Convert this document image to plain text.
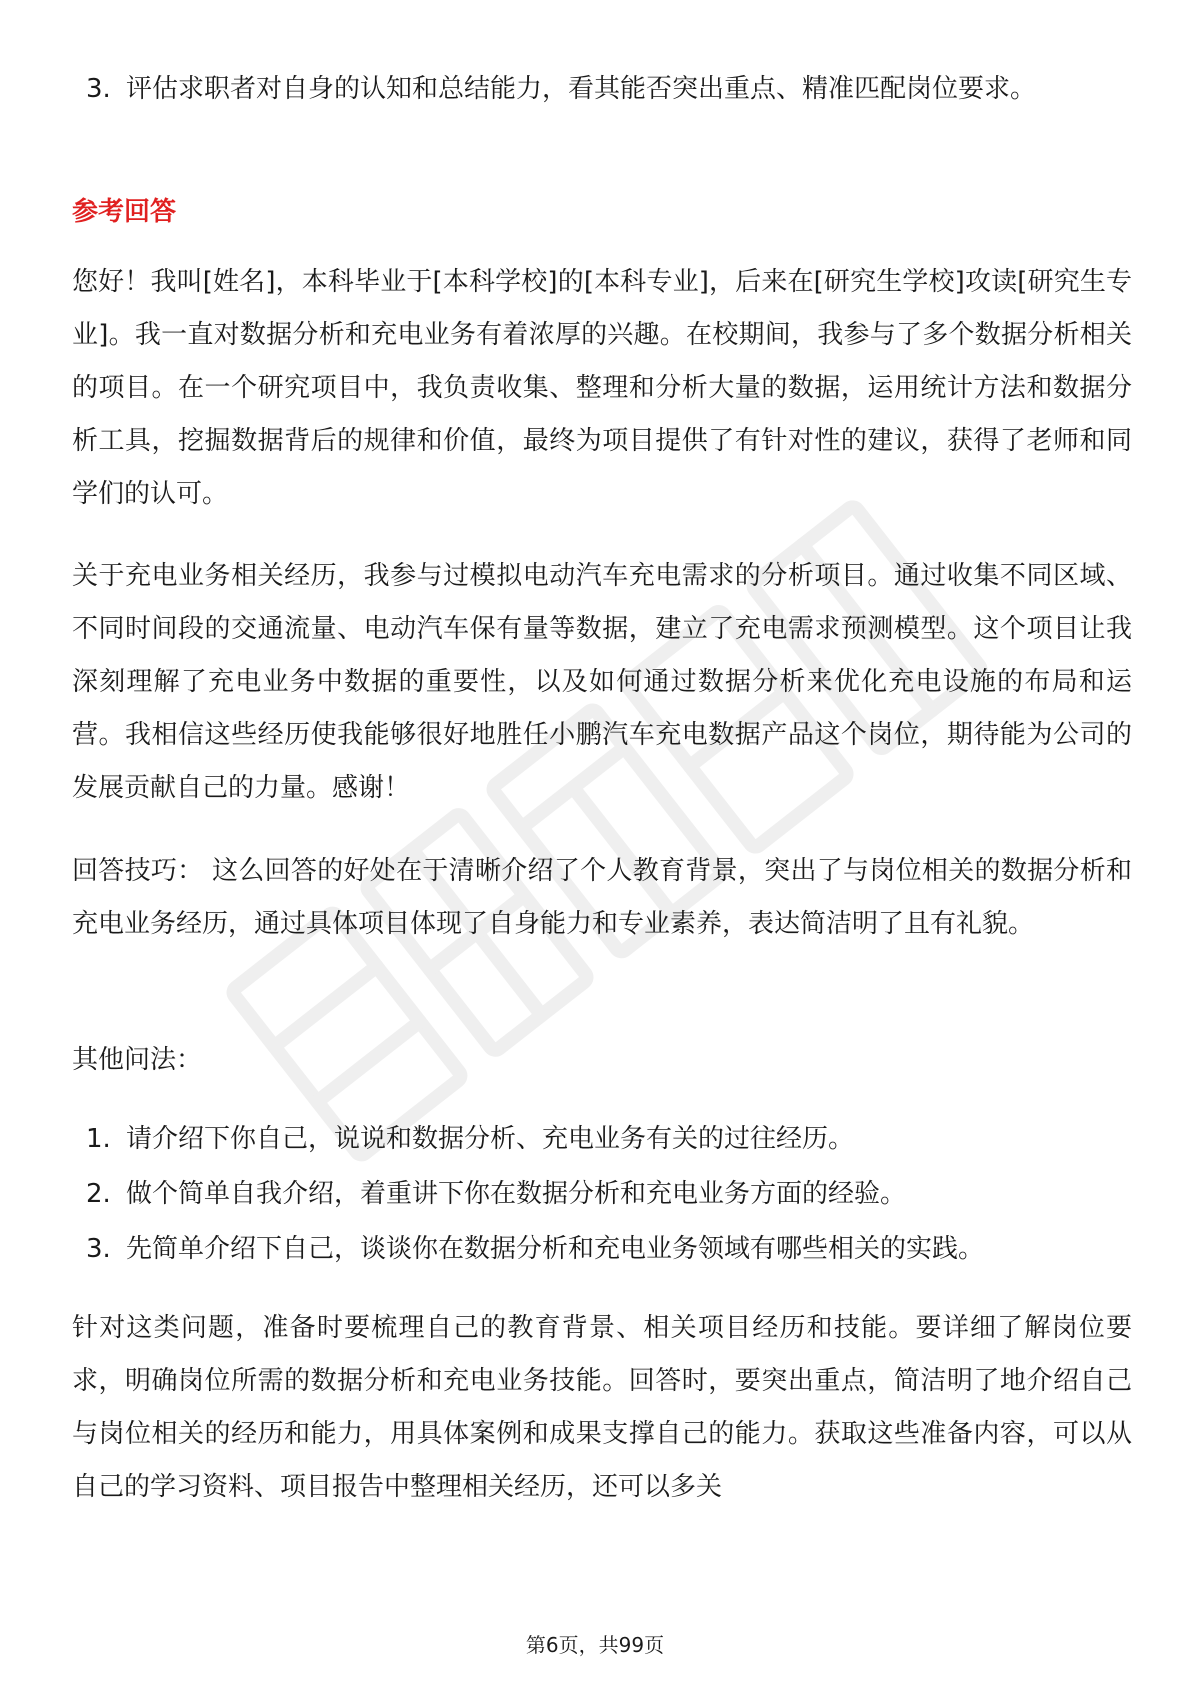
3. 评估求职者对自身的认知和总结能力，看其能否突出重点、精准匹配岗位要求。
参考回答
您好！我叫[姓名]，本科毕业于[本科学校]的[本科专业]，后来在[研究生学校]攻读[研究生专业]。我一直对数据分析和充电业务有着浓厚的兴趣。在校期间，我参与了多个数据分析相关的项目。在一个研究项目中，我负责收集、整理和分析大量的数据，运用统计方法和数据分析工具，挖掘数据背后的规律和价值，最终为项目提供了有针对性的建议，获得了老师和同学们的认可。
关于充电业务相关经历，我参与过模拟电动汽车充电需求的分析项目。通过收集不同区域、不同时间段的交通流量、电动汽车保有量等数据，建立了充电需求预测模型。这个项目让我深刻理解了充电业务中数据的重要性，以及如何通过数据分析来优化充电设施的布局和运营。我相信这些经历使我能够很好地胜任小鹏汽车充电数据产品这个岗位，期待能为公司的发展贡献自己的力量。感谢！
回答技巧： 这么回答的好处在于清晰介绍了个人教育背景，突出了与岗位相关的数据分析和充电业务经历，通过具体项目体现了自身能力和专业素养，表达简洁明了且有礼貌。
其他问法：
1. 请介绍下你自己，说说和数据分析、充电业务有关的过往经历。
2. 做个简单自我介绍，着重讲下你在数据分析和充电业务方面的经验。
3. 先简单介绍下自己，谈谈你在数据分析和充电业务领域有哪些相关的实践。
针对这类问题，准备时要梳理自己的教育背景、相关项目经历和技能。要详细了解岗位要求，明确岗位所需的数据分析和充电业务技能。回答时，要突出重点，简洁明了地介绍自己与岗位相关的经历和能力，用具体案例和成果支撑自己的能力。获取这些准备内容，可以从自己的学习资料、项目报告中整理相关经历，还可以多关
第6页，共99页
